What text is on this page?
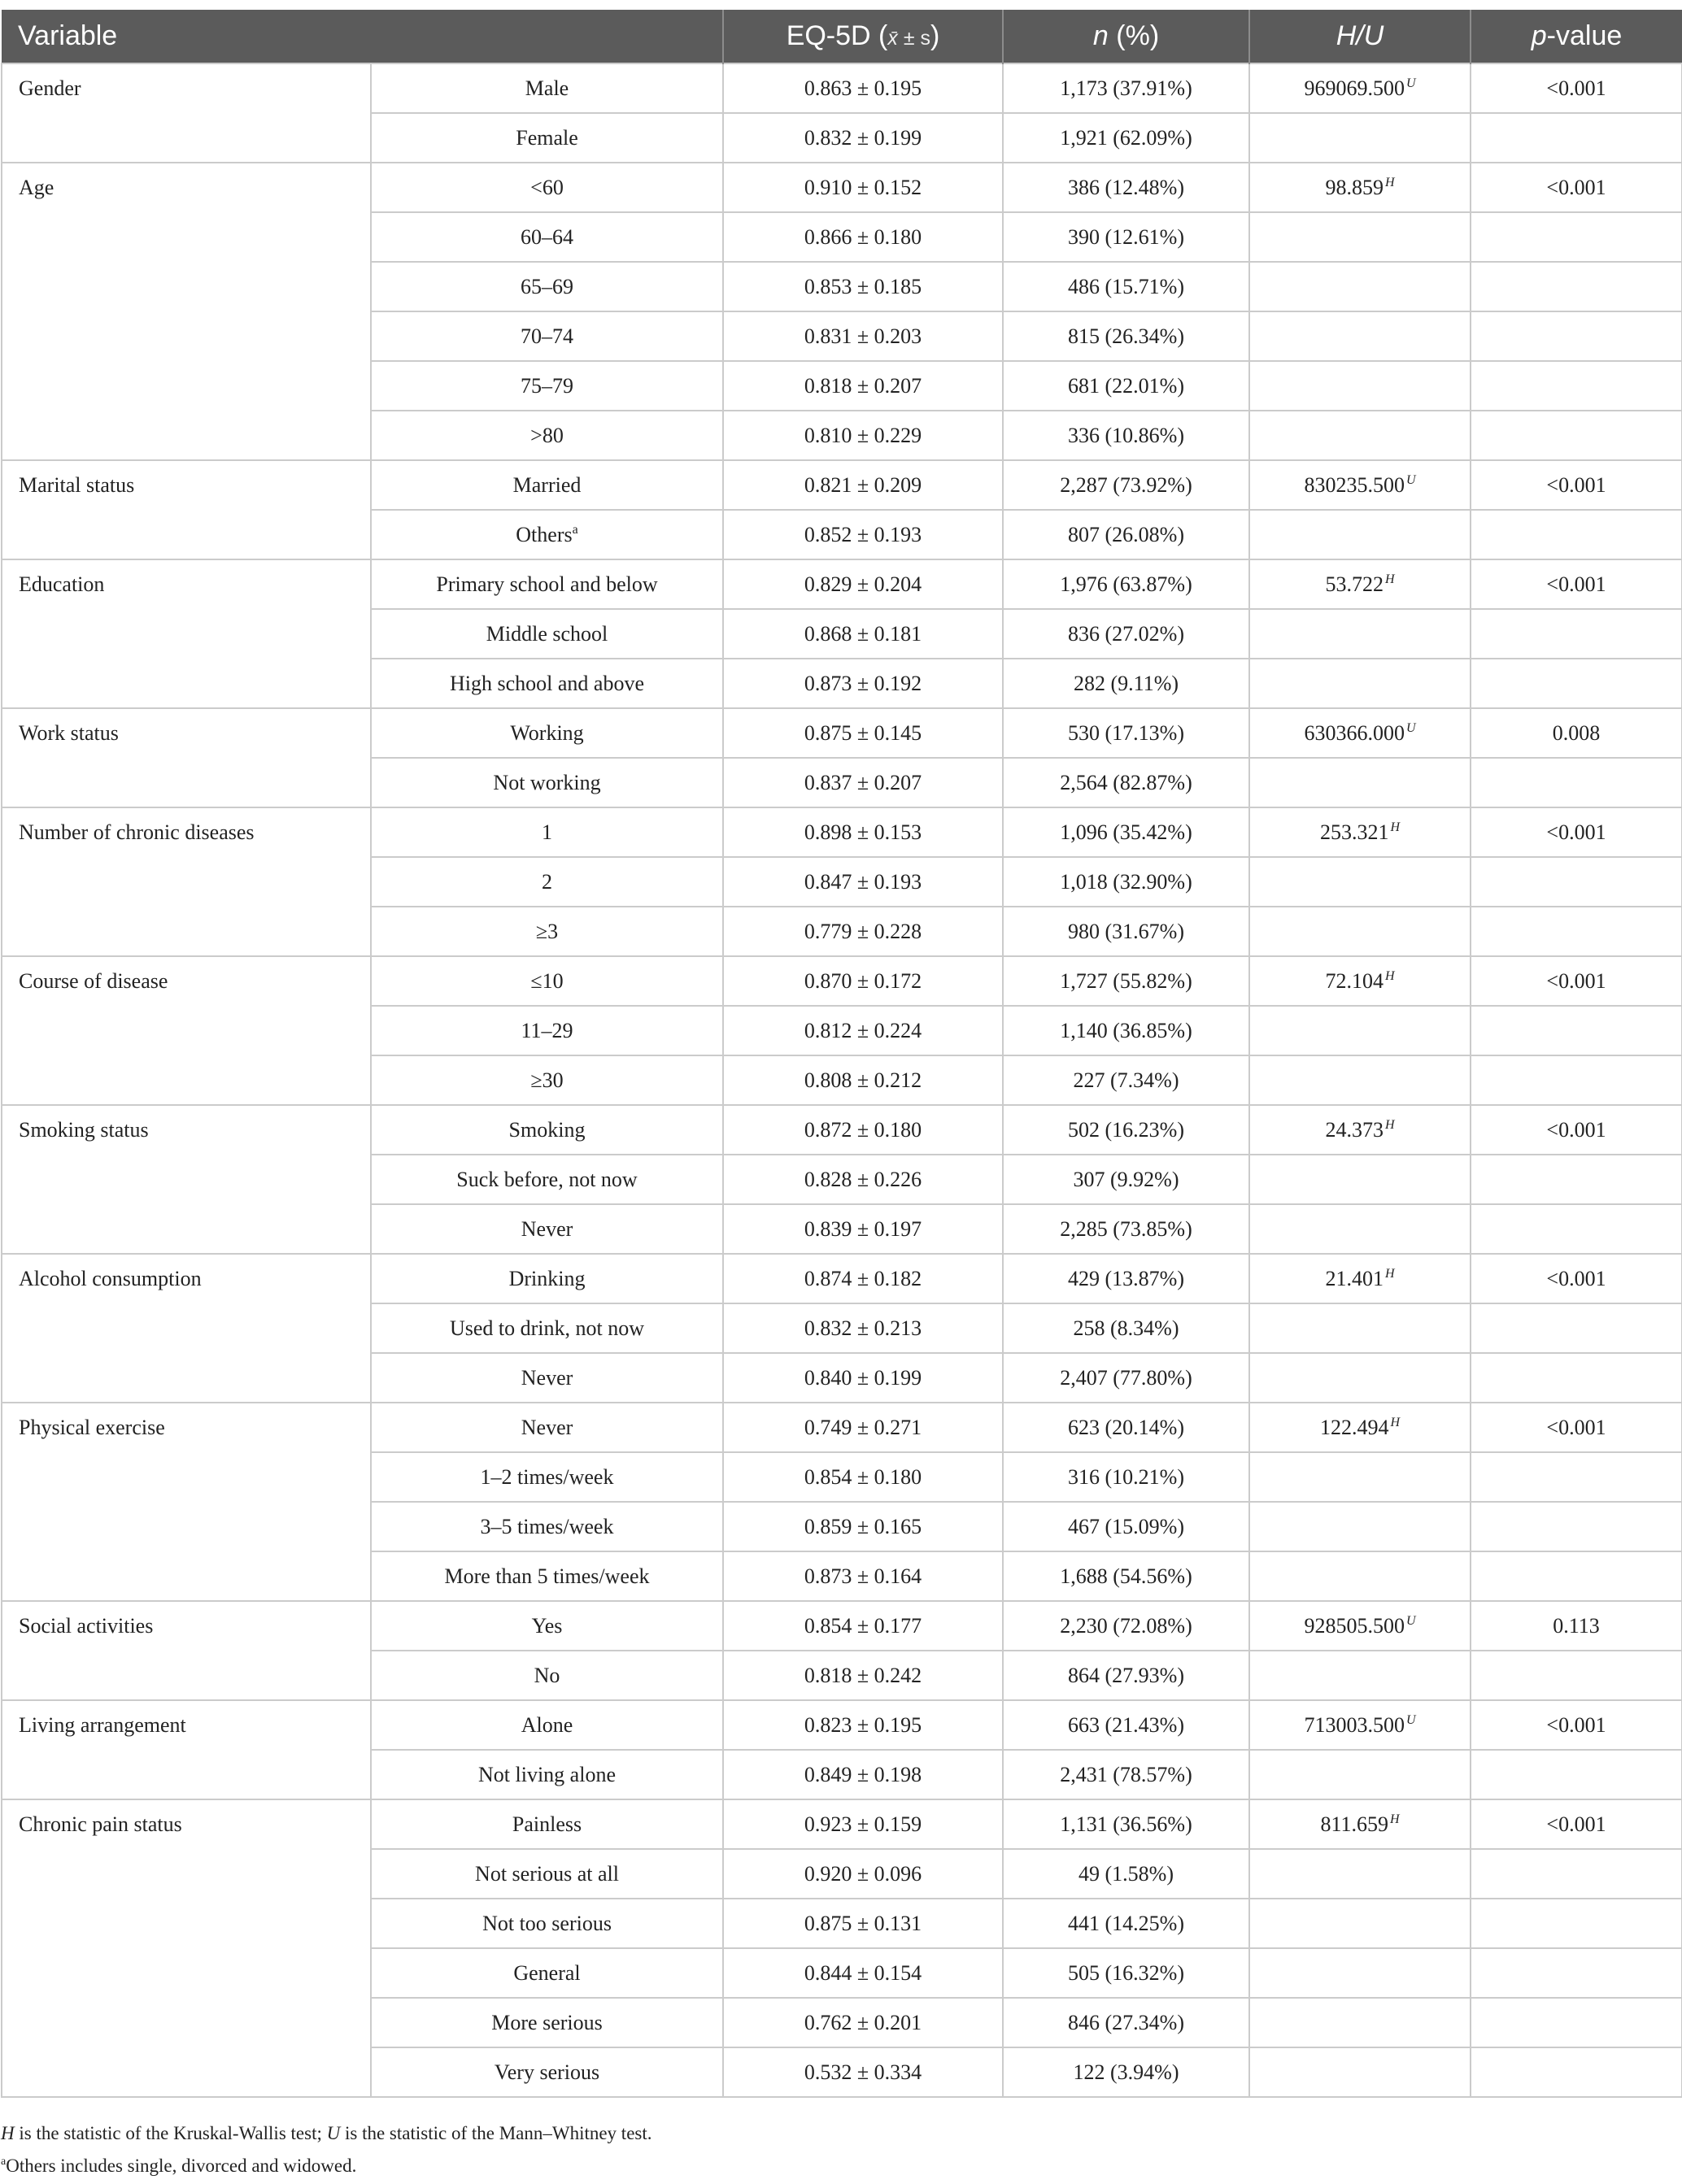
Variable		EQ-5D (x̄ ± s)	n (%)	H/U	p-value
Gender	Male	0.863 ± 0.195	1,173 (37.91%)	969069.500 $^U$	<0.001
	Female	0.832 ± 0.199	1,921 (62.09%)		
Age	<60	0.910 ± 0.152	386 (12.48%)	98.859 $^H$	<0.001
	60–64	0.866 ± 0.180	390 (12.61%)		
	65–69	0.853 ± 0.185	486 (15.71%)		
	70–74	0.831 ± 0.203	815 (26.34%)		
	75–79	0.818 ± 0.207	681 (22.01%)		
	>80	0.810 ± 0.229	336 (10.86%)		
Marital status	Married	0.821 ± 0.209	2,287 (73.92%)	830235.500 $^U$	<0.001
	Others$^a$	0.852 ± 0.193	807 (26.08%)		
Education	Primary school and below	0.829 ± 0.204	1,976 (63.87%)	53.722 $^H$	<0.001
	Middle school	0.868 ± 0.181	836 (27.02%)		
	High school and above	0.873 ± 0.192	282 (9.11%)		
Work status	Working	0.875 ± 0.145	530 (17.13%)	630366.000 $^U$	0.008
	Not working	0.837 ± 0.207	2,564 (82.87%)		
Number of chronic diseases	1	0.898 ± 0.153	1,096 (35.42%)	253.321 $^H$	<0.001
	2	0.847 ± 0.193	1,018 (32.90%)		
	≥3	0.779 ± 0.228	980 (31.67%)		
Course of disease	≤10	0.870 ± 0.172	1,727 (55.82%)	72.104 $^H$	<0.001
	11–29	0.812 ± 0.224	1,140 (36.85%)		
	≥30	0.808 ± 0.212	227 (7.34%)		
Smoking status	Smoking	0.872 ± 0.180	502 (16.23%)	24.373 $^H$	<0.001
	Suck before, not now	0.828 ± 0.226	307 (9.92%)		
	Never	0.839 ± 0.197	2,285 (73.85%)		
Alcohol consumption	Drinking	0.874 ± 0.182	429 (13.87%)	21.401 $^H$	<0.001
	Used to drink, not now	0.832 ± 0.213	258 (8.34%)		
	Never	0.840 ± 0.199	2,407 (77.80%)		
Physical exercise	Never	0.749 ± 0.271	623 (20.14%)	122.494 $^H$	<0.001
	1–2 times/week	0.854 ± 0.180	316 (10.21%)		
	3–5 times/week	0.859 ± 0.165	467 (15.09%)		
	More than 5 times/week	0.873 ± 0.164	1,688 (54.56%)		
Social activities	Yes	0.854 ± 0.177	2,230 (72.08%)	928505.500 $^U$	0.113
	No	0.818 ± 0.242	864 (27.93%)		
Living arrangement	Alone	0.823 ± 0.195	663 (21.43%)	713003.500 $^U$	<0.001
	Not living alone	0.849 ± 0.198	2,431 (78.57%)		
Chronic pain status	Painless	0.923 ± 0.159	1,131 (36.56%)	811.659 $^H$	<0.001
	Not serious at all	0.920 ± 0.096	49 (1.58%)		
	Not too serious	0.875 ± 0.131	441 (14.25%)		
	General	0.844 ± 0.154	505 (16.32%)		
	More serious	0.762 ± 0.201	846 (27.34%)		
	Very serious	0.532 ± 0.334	122 (3.94%)		
H is the statistic of the Kruskal-Wallis test; U is the statistic of the Mann–Whitney test.
$^a$Others includes single, divorced and widowed.
